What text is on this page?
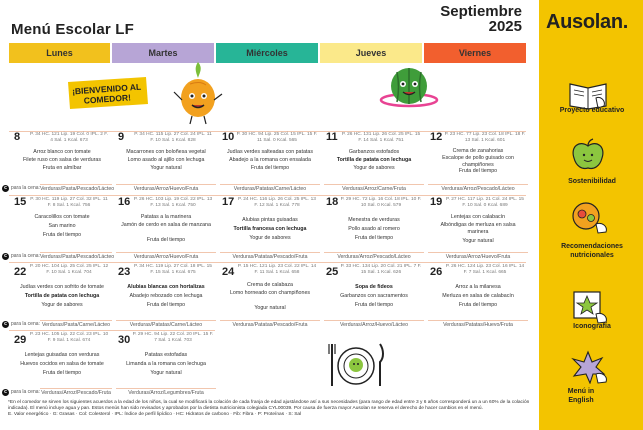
Menú Escolar LF
Septiembre
2025
Lunes	Martes	Miércoles	Jueves	Viernes
¡BIENVENIDO AL COMEDOR!
8	P. 34 HC. 121 Lip. 19 Col. 0 IPL. 2 F. 4 Sal. 1 Kcal. 673
Arroz blanco con tomate
Filete ruso con salsa de verduras
Fruta en almíbar
9	P. 34 HC. 115 Lip. 27 Col. 24 IPL. 11 F. 10 Sal. 1 Kcal. 828
Macarrones con boloñesa vegetal
Lomo asado al ajillo con lechuga
Yogur natural
10 P. 30 HC. 94 Lip. 25 Col. 15 IPL. 15 F. 11 Sal. 0 Kcal. 565
Judías verdes salteadas con patatas
Abadejo a la romana con ensalada
Fruta del tiempo
11 P. 26 HC. 131 Lip. 26 Col. 25 IPL. 15 F. 14 Sal. 1 Kcal. 751
Garbanzos estofados
Tortilla de patata con lechuga
Yogur de sabores
12 P. 23 HC. 77 Lip. 23 Col. 18 IPL. 18 F. 13 Sal. 1 Kcal. 601
Crema de zanahorias
Escalope de pollo guisado con champiñones
Fruta del tiempo
c para la cena: Verduras/Pasta/Pescado/Lácteo	Verduras/Arroz/Huevo/Fruta	Verduras/Patatas/Carne/Lácteo	Verduras/Arroz/Carne/Fruta	Verduras/Arroz/Pescado/Lácteo
15 P. 30 HC. 119 Lip. 27 Col. 32 IPL. 11 F. 8 Sal. 1 Kcal. 756
Caracolillos con tomate
San marino
Fruta del tiempo
16 P. 26 HC. 103 Lip. 19 Col. 22 IPL. 13 F. 13 Sal. 1 Kcal. 750
Patatas a la marinera
Jamón de cerdo en salsa de manzana
Fruta del tiempo
17 P. 24 HC. 116 Lip. 26 Col. 25 IPL. 13 F. 12 Sal. 1 Kcal. 778
Alubias pintas guisadas
Tortilla francesa con lechuga
Yogur de sabores
18 P. 29 HC. 72 Lip. 16 Col. 18 IPL. 10 F. 10 Sal. 0 Kcal. 579
Menestra de verduras
Pollo asado al romero
Fruta del tiempo
19 P. 27 HC. 117 Lip. 21 Col. 24 IPL. 15 F. 10 Sal. 0 Kcal. 689
Lentejas con calabacín
Albóndigas de merluza en salsa marinera
Yogur natural
c para la cena: Verduras/Pasta/Pescado/Lácteo	Verduras/Arroz/Huevo/Fruta	Verduras/Patatas/Pescado/Fruta	Verduras/Arroz/Pescado/Lácteo	Verduras/Arroz/Huevo/Fruta
22 P. 20 HC. 104 Lip. 25 Col. 25 IPL. 12 F. 10 Sal. 1 Kcal. 704
Judías verdes con sofrito de tomate
Tortilla de patata con lechuga
Yogur de sabores
23 P. 34 HC. 119 Lip. 27 Col. 18 IPL. 15 F. 15 Sal. 1 Kcal. 675
Alubias blancas con hortalizas
Abadejo rebozado con lechuga
Fruta del tiempo
24 P. 15 HC. 121 Lip. 23 Col. 22 IPL. 14 F. 11 Sal. 1 Kcal. 658
Crema de calabaza
Lomo horneado con champiñones
Yogur natural
25 P. 33 HC. 134 Lip. 20 Col. 21 IPL. 7 F. 15 Sal. 1 Kcal. 626
Sopa de fideos
Garbanzos con sacramentos
Fruta del tiempo
26 P. 26 HC. 124 Lip. 23 Col. 16 IPL. 14 F. 7 Sal. 1 Kcal. 665
Arroz a la milanesa
Merluza en salsa de calabacín
Fruta del tiempo
c para la cena: Verduras/Pasta/Carne/Lácteo	Verduras/Patatas/Carne/Lácteo	Verduras/Patatas/Pescado/Fruta	Verduras/Arroz/Huevo/Lácteo	Verduras/Patatas/Huevo/Fruta
29 P. 23 HC. 105 Lip. 22 Col. 23 IPL. 10 F. 9 Sal. 1 Kcal. 674
Lentejas guisadas con verduras
Huevos cocidos en salsa de tomate
Fruta del tiempo
30 P. 29 HC. 94 Lip. 22 Col. 20 IPL. 15 F. 7 Sal. 1 Kcal. 703
Patatas estofadas
Limanda a la romana con lechuga
Yogur natural
c para la cena: Verduras/Arroz/Pescado/Fruta	Verduras/Arroz/Legumbres/Fruta
*En el comedor se sirven los siguientes acuerdos a la edad de los niños, la cual se modificará la colación de cada franja de edad ajustándose así a sus necesidades (para rango de edad entre 3 y 6 años corresponderá un a un 60% de la colación
indicada). El menú incluye agua y pan. Estos menús han sido revisados y aprobados por la dietista nutricionista colegiada CYL00039. Por causa de fuerza mayor Ausolan se reserva el derecho de hacer cambios en el menú.
E. Valor energético · G: Grasas · Col: Colesterol · IPL: Índice de perfil lipídico · HC: Hidratos de carbono · Fib: Fibra · P: Proteínas · S: Sal
Ausolan.
Proyecto educativo
Sostenibilidad
Recomendaciones nutricionales
Iconografía
Menú in English
